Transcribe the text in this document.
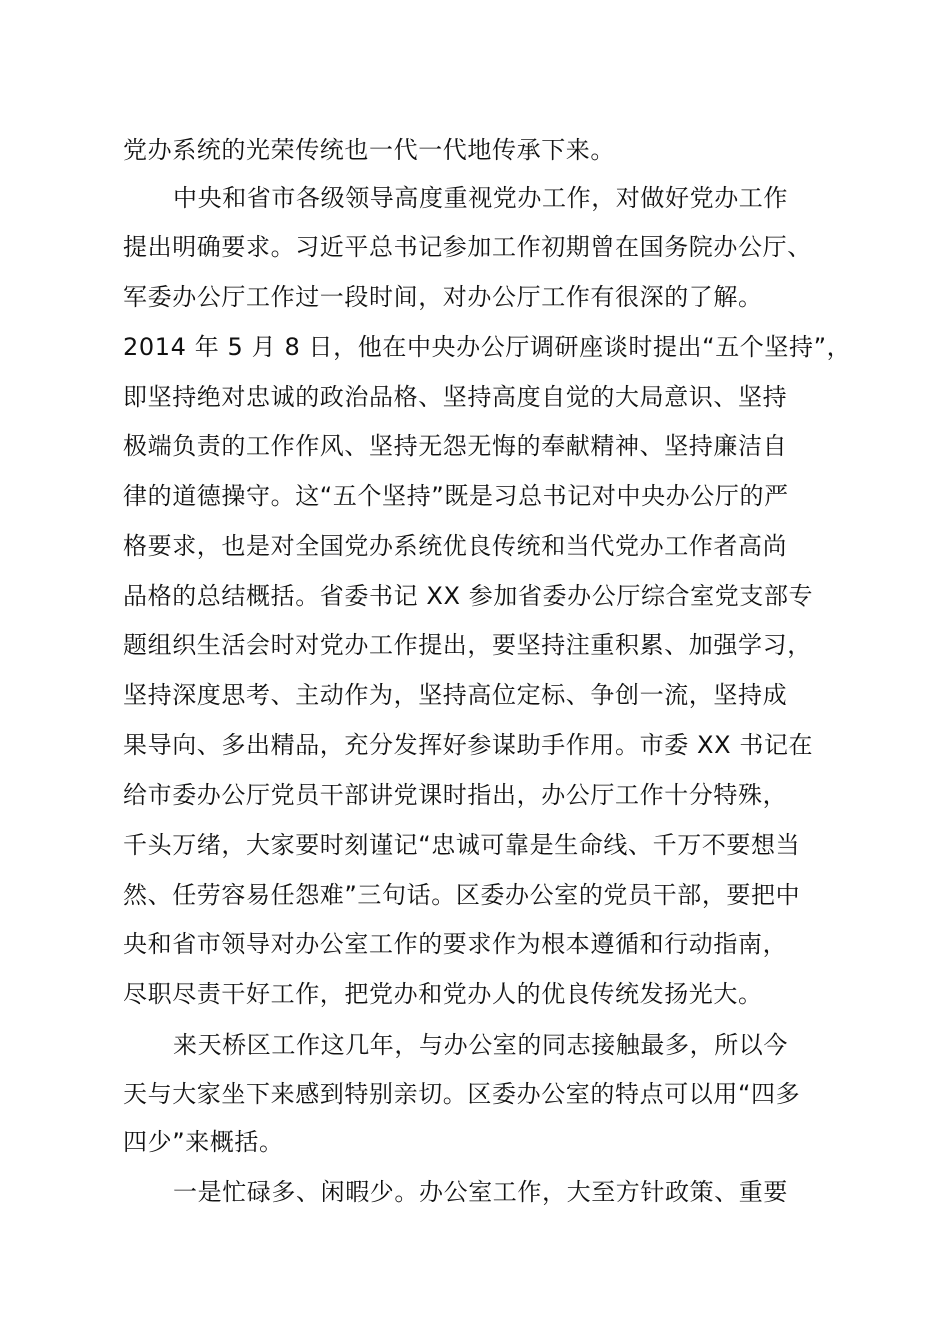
党办系统的光荣传统也一代一代地传承下来。
中央和省市各级领导高度重视党办工作，对做好党办工作
提出明确要求。习近平总书记参加工作初期曾在国务院办公厅、
军委办公厅工作过一段时间，对办公厅工作有很深的了解。
2014 年 5 月 8 日，他在中央办公厅调研座谈时提出“五个坚持”，
即坚持绝对忠诚的政治品格、坚持高度自觉的大局意识、坚持
极端负责的工作作风、坚持无怨无悔的奉献精神、坚持廉洁自
律的道德操守。这“五个坚持”既是习总书记对中央办公厅的严
格要求，也是对全国党办系统优良传统和当代党办工作者高尚
品格的总结概括。省委书记 XX 参加省委办公厅综合室党支部专
题组织生活会时对党办工作提出，要坚持注重积累、加强学习，
坚持深度思考、主动作为，坚持高位定标、争创一流，坚持成
果导向、多出精品，充分发挥好参谋助手作用。市委 XX 书记在
给市委办公厅党员干部讲党课时指出，办公厅工作十分特殊，
千头万绪，大家要时刻谨记“忠诚可靠是生命线、千万不要想当
然、任劳容易任怨难”三句话。区委办公室的党员干部，要把中
央和省市领导对办公室工作的要求作为根本遵循和行动指南，
尽职尽责干好工作，把党办和党办人的优良传统发扬光大。
来天桥区工作这几年，与办公室的同志接触最多，所以今
天与大家坐下来感到特别亲切。区委办公室的特点可以用“四多
四少”来概括。
一是忙碌多、闲暇少。办公室工作，大至方针政策、重要
